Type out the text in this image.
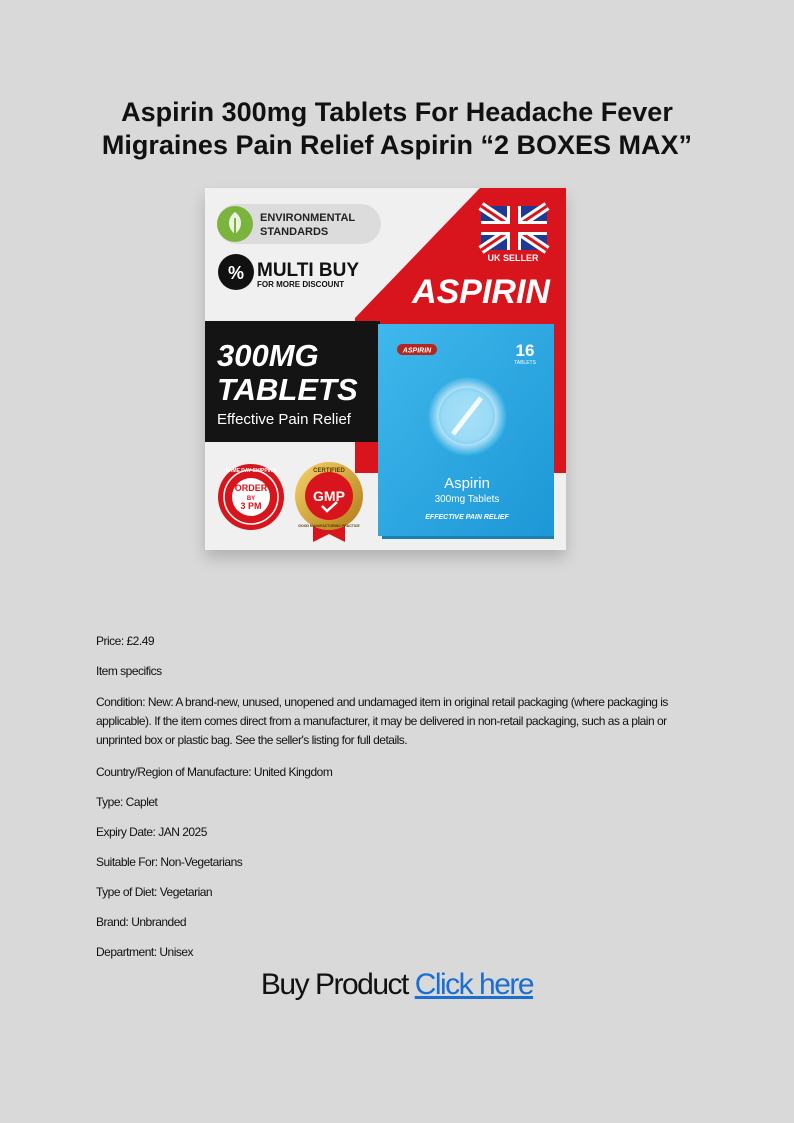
Aspirin 300mg Tablets For Headache Fever
Migraines Pain Relief Aspirin “2 BOXES MAX”
ENVIRONMENTAL
STANDARDS
% MULTI BUY
FOR MORE DISCOUNT
UK SELLER
ASPIRIN
300MG
TABLETS
Effective Pain Relief
ORDER
BY
3 PM
SAME DAY SHIPPING	CERTIFIED
GMP
GOOD MANUFACTURING PRACTICE
ASPIRIN	16
TABLETS
Aspirin
300mg Tablets
EFFECTIVE PAIN RELIEF

Price: £2.49

Item specifics

Condition: New: A brand-new, unused, unopened and undamaged item in original retail packaging (where packaging is applicable). If the item comes direct from a manufacturer, it may be delivered in non-retail packaging, such as a plain or unprinted box or plastic bag. See the seller's listing for full details.

Country/Region of Manufacture: United Kingdom

Type: Caplet

Expiry Date: JAN 2025

Suitable For: Non-Vegetarians

Type of Diet: Vegetarian

Brand: Unbranded

Department: Unisex

Buy Product Click here
